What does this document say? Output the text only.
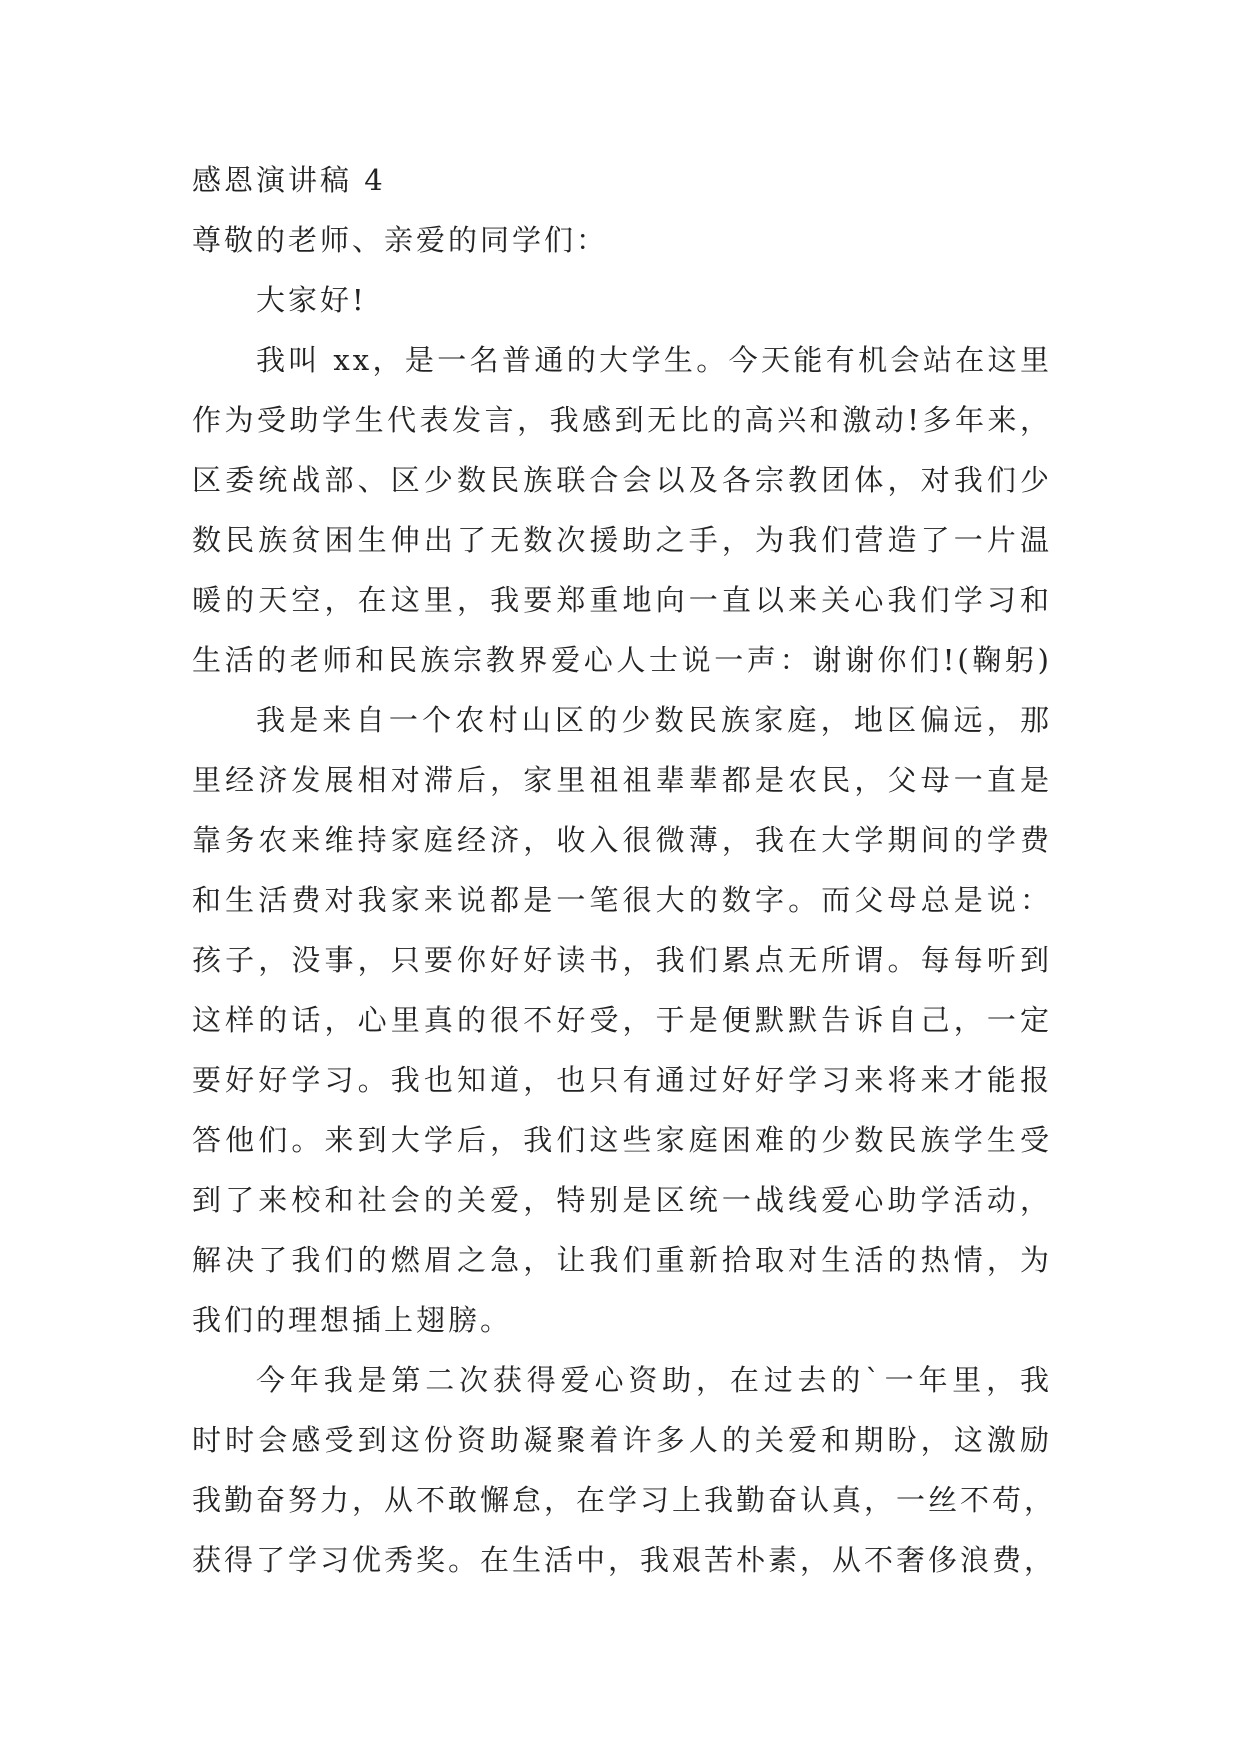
感恩演讲稿 4

尊敬的老师、亲爱的同学们：

大家好!

我叫 xx，是一名普通的大学生。今天能有机会站在这里
作为受助学生代表发言，我感到无比的高兴和激动!多年来，
区委统战部、区少数民族联合会以及各宗教团体，对我们少
数民族贫困生伸出了无数次援助之手，为我们营造了一片温
暖的天空，在这里，我要郑重地向一直以来关心我们学习和
生活的老师和民族宗教界爱心人士说一声：谢谢你们!(鞠躬)

我是来自一个农村山区的少数民族家庭，地区偏远，那
里经济发展相对滞后，家里祖祖辈辈都是农民，父母一直是
靠务农来维持家庭经济，收入很微薄，我在大学期间的学费
和生活费对我家来说都是一笔很大的数字。而父母总是说：
孩子，没事，只要你好好读书，我们累点无所谓。每每听到
这样的话，心里真的很不好受，于是便默默告诉自己，一定
要好好学习。我也知道，也只有通过好好学习来将来才能报
答他们。来到大学后，我们这些家庭困难的少数民族学生受
到了来校和社会的关爱，特别是区统一战线爱心助学活动，
解决了我们的燃眉之急，让我们重新拾取对生活的热情，为
我们的理想插上翅膀。

今年我是第二次获得爱心资助，在过去的`一年里，我
时时会感受到这份资助凝聚着许多人的关爱和期盼，这激励
我勤奋努力，从不敢懈怠，在学习上我勤奋认真，一丝不苟，
获得了学习优秀奖。在生活中，我艰苦朴素，从不奢侈浪费，
